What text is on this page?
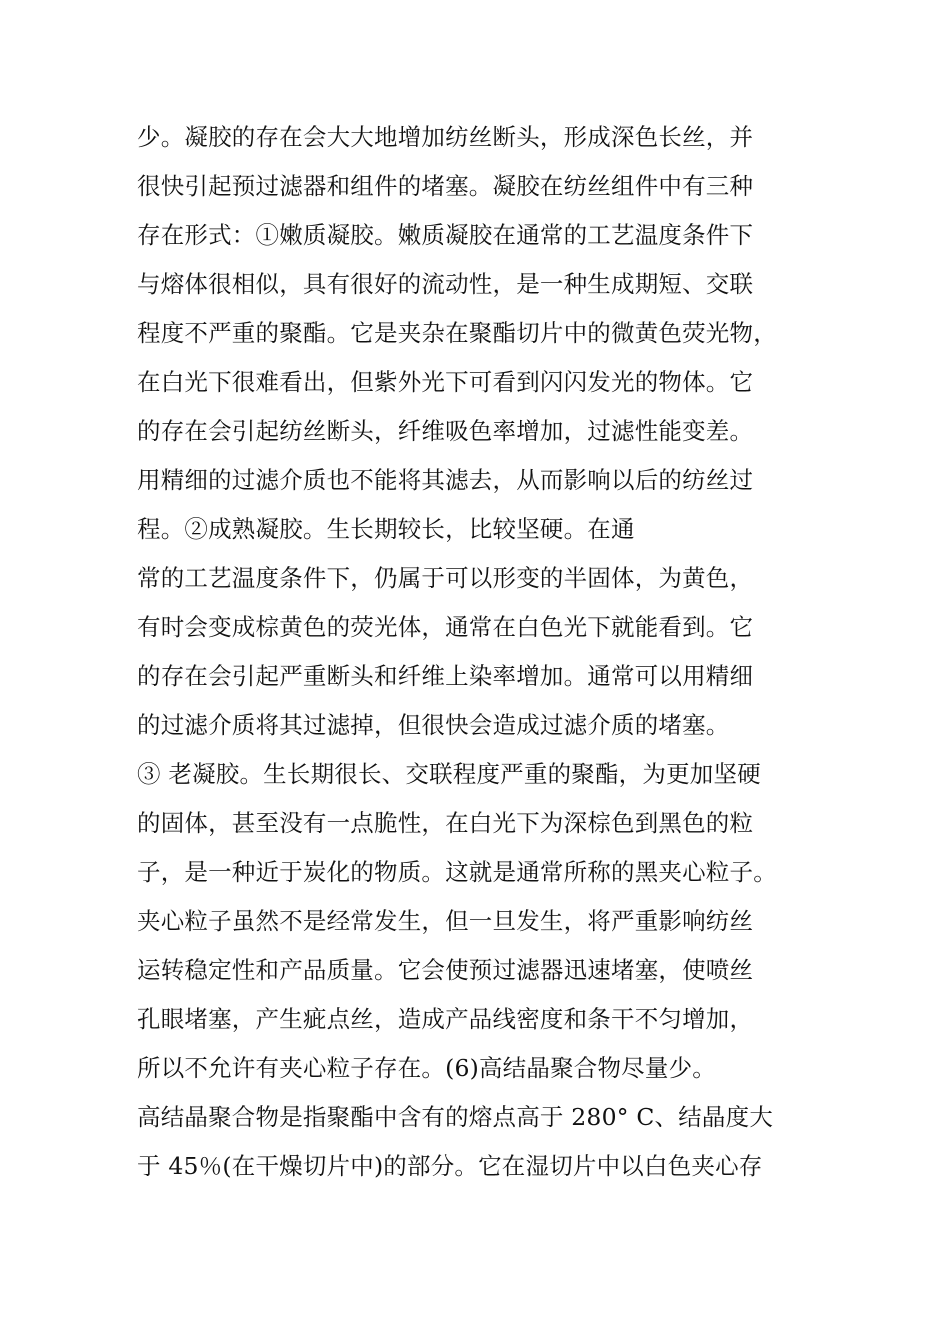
少。凝胶的存在会大大地增加纺丝断头，形成深色长丝，并
很快引起预过滤器和组件的堵塞。凝胶在纺丝组件中有三种
存在形式：①嫩质凝胶。嫩质凝胶在通常的工艺温度条件下
与熔体很相似，具有很好的流动性，是一种生成期短、交联
程度不严重的聚酯。它是夹杂在聚酯切片中的微黄色荧光物，
在白光下很难看出，但紫外光下可看到闪闪发光的物体。它
的存在会引起纺丝断头，纤维吸色率增加，过滤性能变差。
用精细的过滤介质也不能将其滤去，从而影响以后的纺丝过
程。②成熟凝胶。生长期较长，比较坚硬。在通
常的工艺温度条件下，仍属于可以形变的半固体，为黄色，
有时会变成棕黄色的荧光体，通常在白色光下就能看到。它
的存在会引起严重断头和纤维上染率增加。通常可以用精细
的过滤介质将其过滤掉，但很快会造成过滤介质的堵塞。
③ 老凝胶。生长期很长、交联程度严重的聚酯，为更加坚硬
的固体，甚至没有一点脆性，在白光下为深棕色到黑色的粒
子，是一种近于炭化的物质。这就是通常所称的黑夹心粒子。
夹心粒子虽然不是经常发生，但一旦发生，将严重影响纺丝
运转稳定性和产品质量。它会使预过滤器迅速堵塞，使喷丝
孔眼堵塞，产生疵点丝，造成产品线密度和条干不匀增加，
所以不允许有夹心粒子存在。(6)高结晶聚合物尽量少。
高结晶聚合物是指聚酯中含有的熔点高于 280° C、结晶度大
于 45％(在干燥切片中)的部分。它在湿切片中以白色夹心存
